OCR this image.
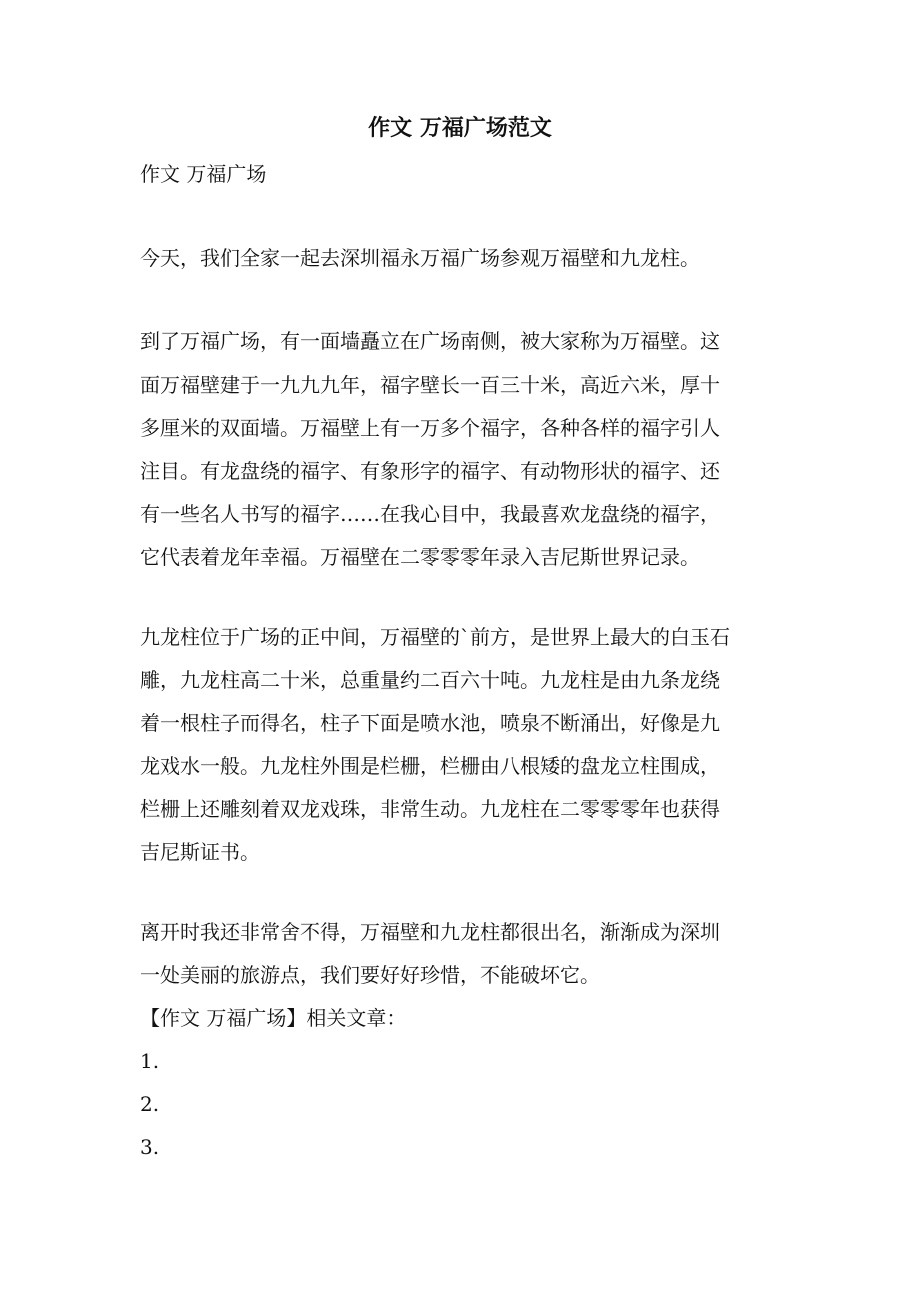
作文 万福广场范文
作文 万福广场
今天，我们全家一起去深圳福永万福广场参观万福壁和九龙柱。
到了万福广场，有一面墙矗立在广场南侧，被大家称为万福壁。这
面万福壁建于一九九九年，福字壁长一百三十米，高近六米，厚十
多厘米的双面墙。万福壁上有一万多个福字，各种各样的福字引人
注目。有龙盘绕的福字、有象形字的福字、有动物形状的福字、还
有一些名人书写的福字……在我心目中，我最喜欢龙盘绕的福字，
它代表着龙年幸福。万福壁在二零零零年录入吉尼斯世界记录。
九龙柱位于广场的正中间，万福壁的`前方，是世界上最大的白玉石
雕，九龙柱高二十米，总重量约二百六十吨。九龙柱是由九条龙绕
着一根柱子而得名，柱子下面是喷水池，喷泉不断涌出，好像是九
龙戏水一般。九龙柱外围是栏栅，栏栅由八根矮的盘龙立柱围成，
栏栅上还雕刻着双龙戏珠，非常生动。九龙柱在二零零零年也获得
吉尼斯证书。
离开时我还非常舍不得，万福壁和九龙柱都很出名，渐渐成为深圳
一处美丽的旅游点，我们要好好珍惜，不能破坏它。
【作文 万福广场】相关文章：
1.
2.
3.
